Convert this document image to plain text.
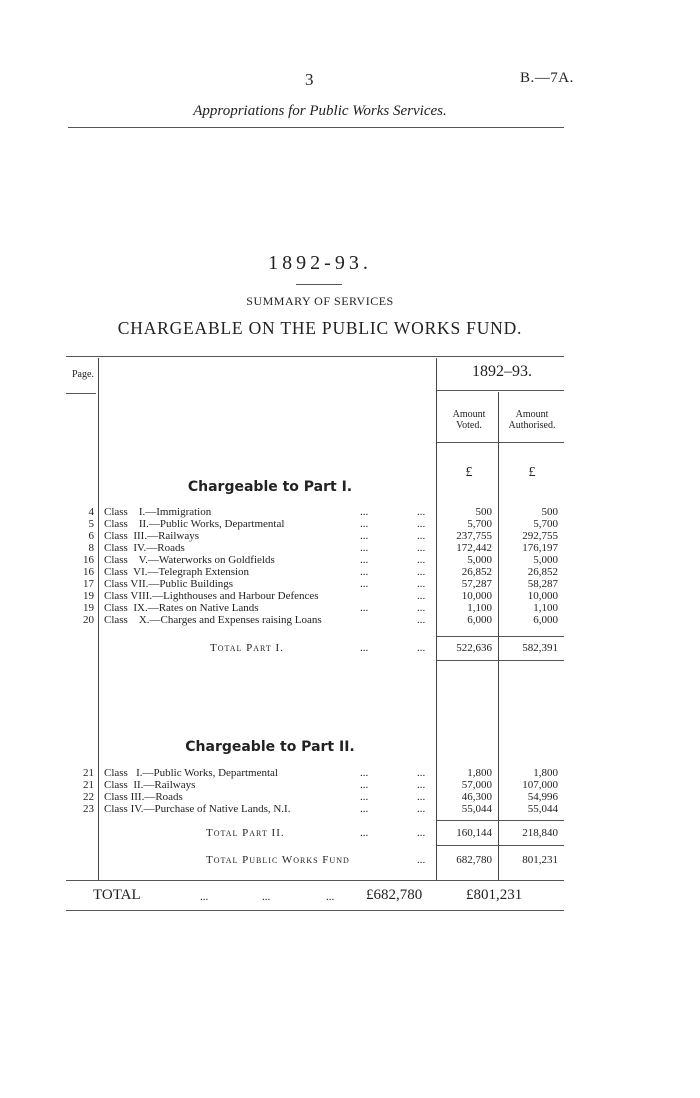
3	B.—7A.
Appropriations for Public Works Services.
1892-93.
SUMMARY OF SERVICES
CHARGEABLE ON THE PUBLIC WORKS FUND.
Page.	1892–93.
Amount
Voted.
Amount
Authorised.
£	£
Chargeable to Part I.
4 Class    I.—Immigration	...	...	500	500
5 Class    II.—Public Works, Departmental	...	...	5,700	5,700
6 Class  III.—Railways	...	...	237,755	292,755
8 Class  IV.—Roads	...	...	172,442	176,197
16 Class    V.—Waterworks on Goldfields	...	...	5,000	5,000
16 Class  VI.—Telegraph Extension	...	...	26,852	26,852
17 Class VII.—Public Buildings	...	...	57,287	58,287
19 Class VIII.—Lighthouses and Harbour Defences	...	10,000	10,000
19 Class  IX.—Rates on Native Lands	...	...	1,100	1,100
20 Class    X.—Charges and Expenses raising Loans	...	6,000	6,000
Total Part I.	...	...	522,636	582,391
Chargeable to Part II.
21 Class   I.—Public Works, Departmental	...	...	1,800	1,800
21 Class  II.—Railways	...	...	57,000	107,000
22 Class III.—Roads	...	...	46,300	54,996
23 Class IV.—Purchase of Native Lands, N.I.	...	...	55,044	55,044
Total Part II.	...	...	160,144	218,840
Total Public Works Fund	...	682,780	801,231
TOTAL	...	...	... £682,780	£801,231
